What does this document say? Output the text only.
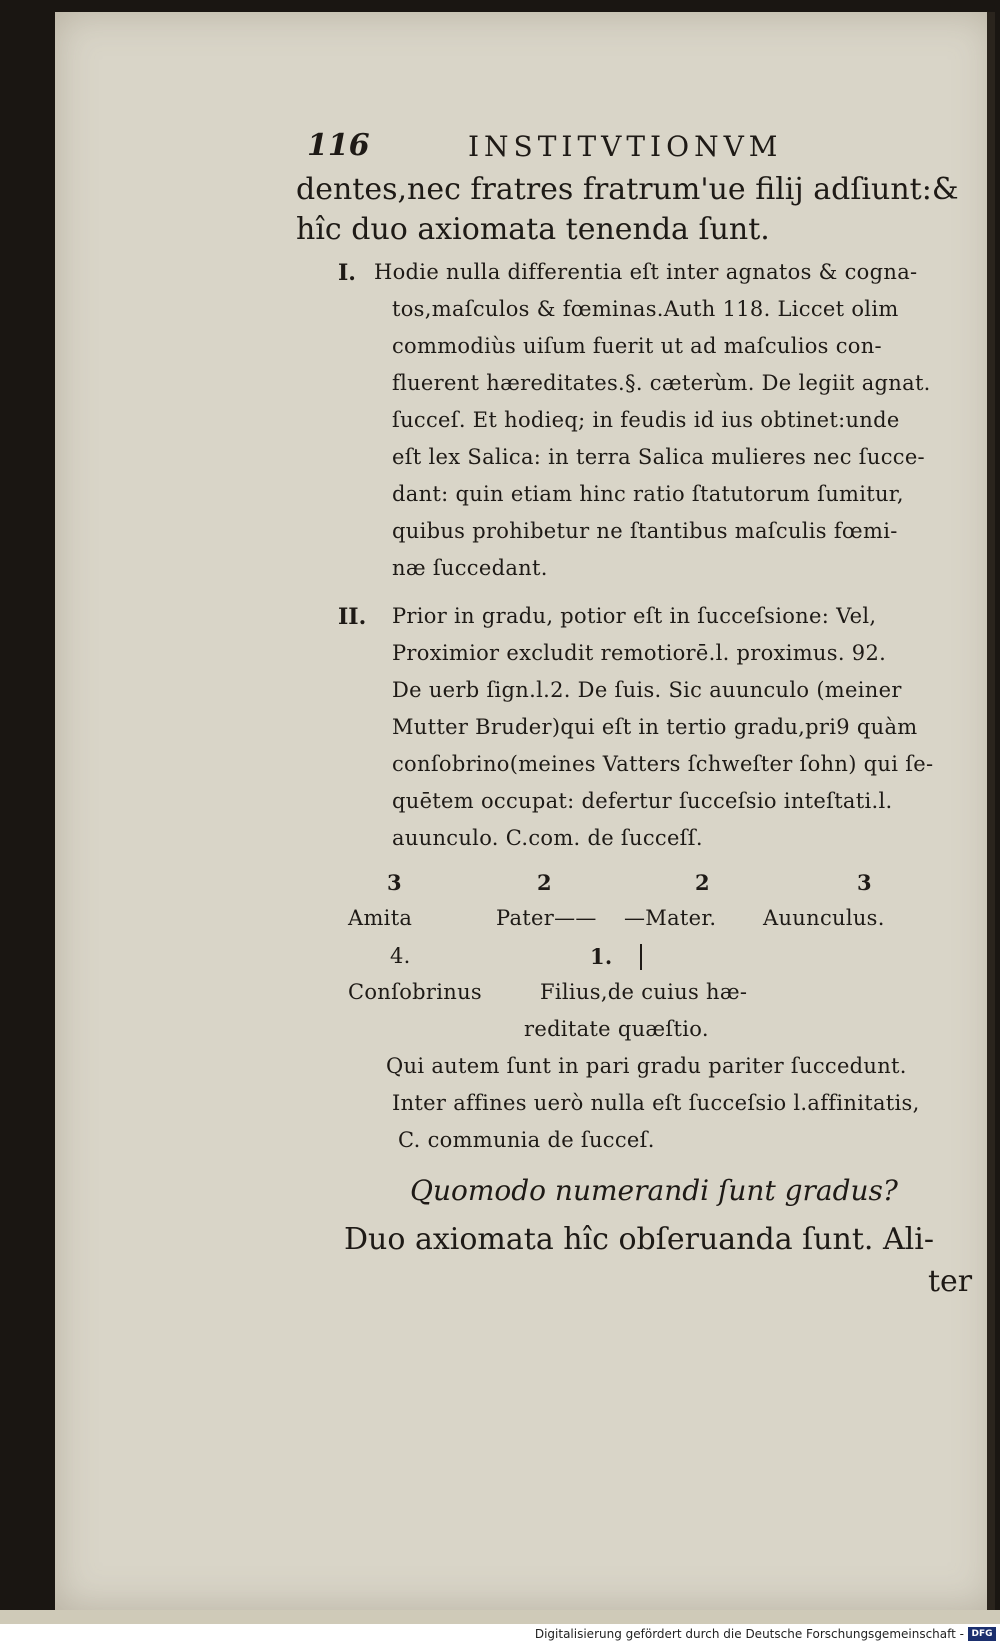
116	INSTITVTIONVM
dentes,nec fratres fratrum'ue filij adſiunt:&
hîc duo axiomata tenenda ſunt.
I. Hodie nulla differentia eſt inter agnatos & cogna-
tos,maſculos & fœminas.Auth 118. Liccet olim
commodiùs uiſum fuerit ut ad maſculios con-
fluerent hæreditates.§. cæterùm. De legiit agnat.
ſucceſ. Et hodieq; in feudis id ius obtinet:unde
eſt lex Salica: in terra Salica mulieres nec ſucce-
dant: quin etiam hinc ratio ſtatutorum ſumitur,
quibus prohibetur ne ſtantibus maſculis fœmi-
næ ſuccedant.
II. Prior in gradu, potior eſt in ſucceſsione: Vel,
Proximior excludit remotiorē.l. proximus. 92.
De uerb ſign.l.2. De ſuis. Sic auunculo (meiner
Mutter Bruder)qui eſt in tertio gradu,pri9 quàm
conſobrino(meines Vatters ſchweſter ſohn) qui ſe-
quētem occupat: defertur ſucceſsio inteſtati.l.
auunculo. C.com. de ſucceſſ.
3	2	2	3
Amita	Pater—— —Mater. Auunculus.
4.	1.
Conſobrinus	Filius,de cuius hæ-
reditate quæſtio.
Qui autem ſunt in pari gradu pariter ſuccedunt.
Inter affines uerò nulla eſt ſucceſsio l.affinitatis,
C. communia de ſucceſ.
Quomodo numerandi ſunt gradus?
Duo axiomata hîc obſeruanda ſunt. Ali-
ter
Digitalisierung gefördert durch die Deutsche Forschungsgemeinschaft - DFG
